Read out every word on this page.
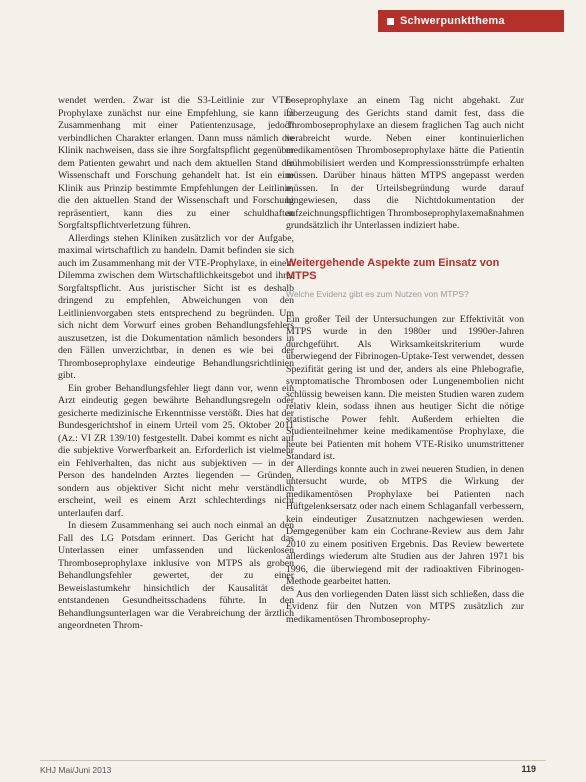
Schwerpunktthema

wendet werden. Zwar ist die S3-Leitlinie zur VTE-Prophylaxe zunächst nur eine Empfehlung, sie kann im Zusammenhang mit einer Patientenzusage, jedoch verbindlichen Charakter erlangen. Dann muss nämlich die Klinik nachweisen, dass sie ihre Sorgfaltspflicht gegenüber dem Patienten gewahrt und nach dem aktuellen Stand der Wissenschaft und Forschung gehandelt hat. Ist ein eine Klinik aus Prinzip bestimmte Empfehlungen der Leitlinie, die den aktuellen Stand der Wissenschaft und Forschung repräsentiert, kann dies zu einer schuldhaften Sorgfaltspflichtverletzung führen.

Allerdings stehen Kliniken zusätzlich vor der Aufgabe, maximal wirtschaftlich zu handeln. Damit befinden sie sich auch im Zusammenhang mit der VTE-Prophylaxe, in einem Dilemma zwischen dem Wirtschaftlichkeitsgebot und ihrer Sorgfaltspflicht. Aus juristischer Sicht ist es deshalb dringend zu empfehlen, Abweichungen von den Leitlinienvorgaben stets entsprechend zu begründen. Um sich nicht dem Vorwurf eines groben Behandlungsfehlers auszusetzen, ist die Dokumentation nämlich besonders in den Fällen unverzichtbar, in denen es wie bei der Thromboseprophylaxe eindeutige Behandlungsrichtlinien gibt.

Ein grober Behandlungsfehler liegt dann vor, wenn ein Arzt eindeutig gegen bewährte Behandlungsregeln oder gesicherte medizinische Erkenntnisse verstößt. Dies hat der Bundesgerichtshof in einem Urteil vom 25. Oktober 2011 (Az.: VI ZR 139/10) festgestellt. Dabei kommt es nicht auf die subjektive Vorwerfbarkeit an. Erforderlich ist vielmehr ein Fehlverhalten, das nicht aus subjektiven — in der Person des handelnden Arztes liegenden — Gründen, sondern aus objektiver Sicht nicht mehr verständlich erscheint, weil es einem Arzt schlechterdings nicht unterlaufen darf.

In diesem Zusammenhang sei auch noch einmal an den Fall des LG Potsdam erinnert. Das Gericht hat das Unterlassen einer umfassenden und lückenlosen Thromboseprophylaxe inklusive von MTPS als groben Behandlungsfehler gewertet, der zu einer Beweislastumkehr hinsichtlich der Kausalität des entstandenen Gesundheitsschadens führte. In den Behandlungsunterlagen war die Verabreichung der ärztlich angeordneten Throm-

boseprophylaxe an einem Tag nicht abgehakt. Zur Überzeugung des Gerichts stand damit fest, dass die Thromboseprophylaxe an diesem fraglichen Tag auch nicht verabreicht wurde. Neben einer kontinuierlichen medikamentösen Thromboseprophylaxe hätte die Patientin frühmobilisiert werden und Kompressionsstrümpfe erhalten müssen. Darüber hinaus hätten MTPS angepasst werden müssen. In der Urteilsbegründung wurde darauf hingewiesen, dass die Nichtdokumentation der aufzeichnungspflichtigen Thromboseprophylaxemaßnahmen grundsätzlich ihr Unterlassen indiziert habe.

Weitergehende Aspekte zum Einsatz von MTPS
Welche Evidenz gibt es zum Nutzen von MTPS?

Ein großer Teil der Untersuchungen zur Effektivität von MTPS wurde in den 1980er und 1990er-Jahren durchgeführt. Als Wirksamkeitskriterium wurde überwiegend der Fibrinogen-Uptake-Test verwendet, dessen Spezifität gering ist und der, anders als eine Phlebografie, symptomatische Thrombosen oder Lungenembolien nicht schlüssig beweisen kann. Die meisten Studien waren zudem relativ klein, sodass ihnen aus heutiger Sicht die nötige statistische Power fehlt. Außerdem erhielten die Studienteilnehmer keine medikamentöse Prophylaxe, die heute bei Patienten mit hohem VTE-Risiko unumstrittener Standard ist.

Allerdings konnte auch in zwei neueren Studien, in denen untersucht wurde, ob MTPS die Wirkung der medikamentösen Prophylaxe bei Patienten nach Hüftgelenksersatz oder nach einem Schlaganfall verbessern, kein eindeutiger Zusatznutzen nachgewiesen werden. Demgegenüber kam ein Cochrane-Review aus dem Jahr 2010 zu einem positiven Ergebnis. Das Review bewertete allerdings wiederum alte Studien aus der Jahren 1971 bis 1996, die überwiegend mit der radioaktiven Fibrinogen-Methode gearbeitet hatten.

Aus den vorliegenden Daten lässt sich schließen, dass die Evidenz für den Nutzen von MTPS zusätzlich zur medikamentösen Thromboseprophy-

KHJ Mai/Juni 2013	119
